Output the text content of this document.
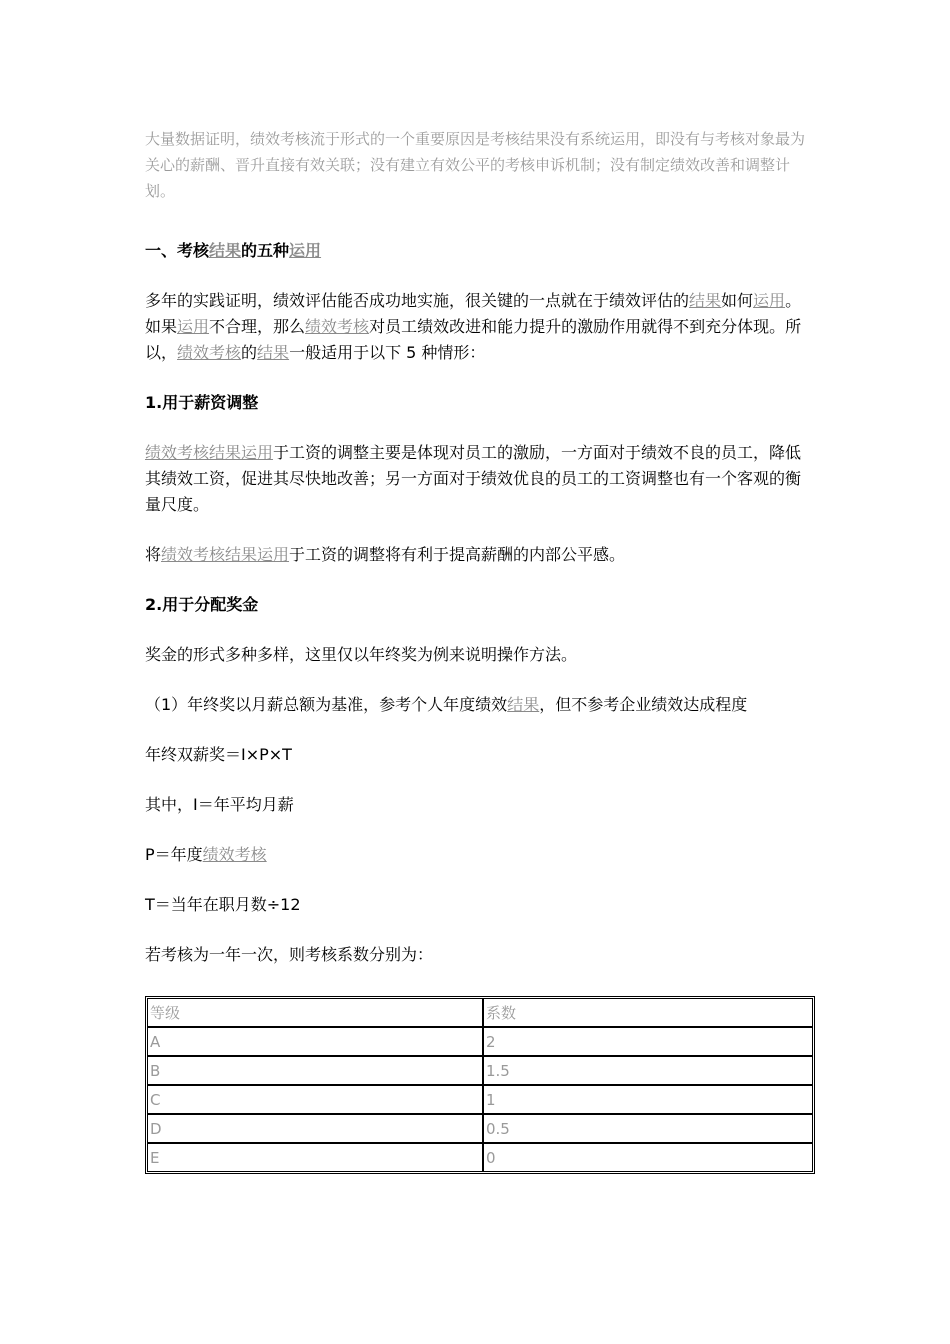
大量数据证明，绩效考核流于形式的一个重要原因是考核结果没有系统运用，即没有与考核对象最为关心的薪酬、晋升直接有效关联；没有建立有效公平的考核申诉机制；没有制定绩效改善和调整计划。

一、考核结果的五种运用

多年的实践证明，绩效评估能否成功地实施，很关键的一点就在于绩效评估的结果如何运用。如果运用不合理，那么绩效考核对员工绩效改进和能力提升的激励作用就得不到充分体现。所以，绩效考核的结果一般适用于以下 5 种情形：

1.用于薪资调整

绩效考核结果运用于工资的调整主要是体现对员工的激励，一方面对于绩效不良的员工，降低其绩效工资，促进其尽快地改善；另一方面对于绩效优良的员工的工资调整也有一个客观的衡量尺度。

将绩效考核结果运用于工资的调整将有利于提高薪酬的内部公平感。

2.用于分配奖金

奖金的形式多种多样，这里仅以年终奖为例来说明操作方法。

（1）年终奖以月薪总额为基准，参考个人年度绩效结果，但不参考企业绩效达成程度

年终双薪奖＝I×P×T

其中，I＝年平均月薪

P＝年度绩效考核

T＝当年在职月数÷12

若考核为一年一次，则考核系数分别为：

等级	系数
A	2
B	1.5
C	1
D	0.5
E	0
